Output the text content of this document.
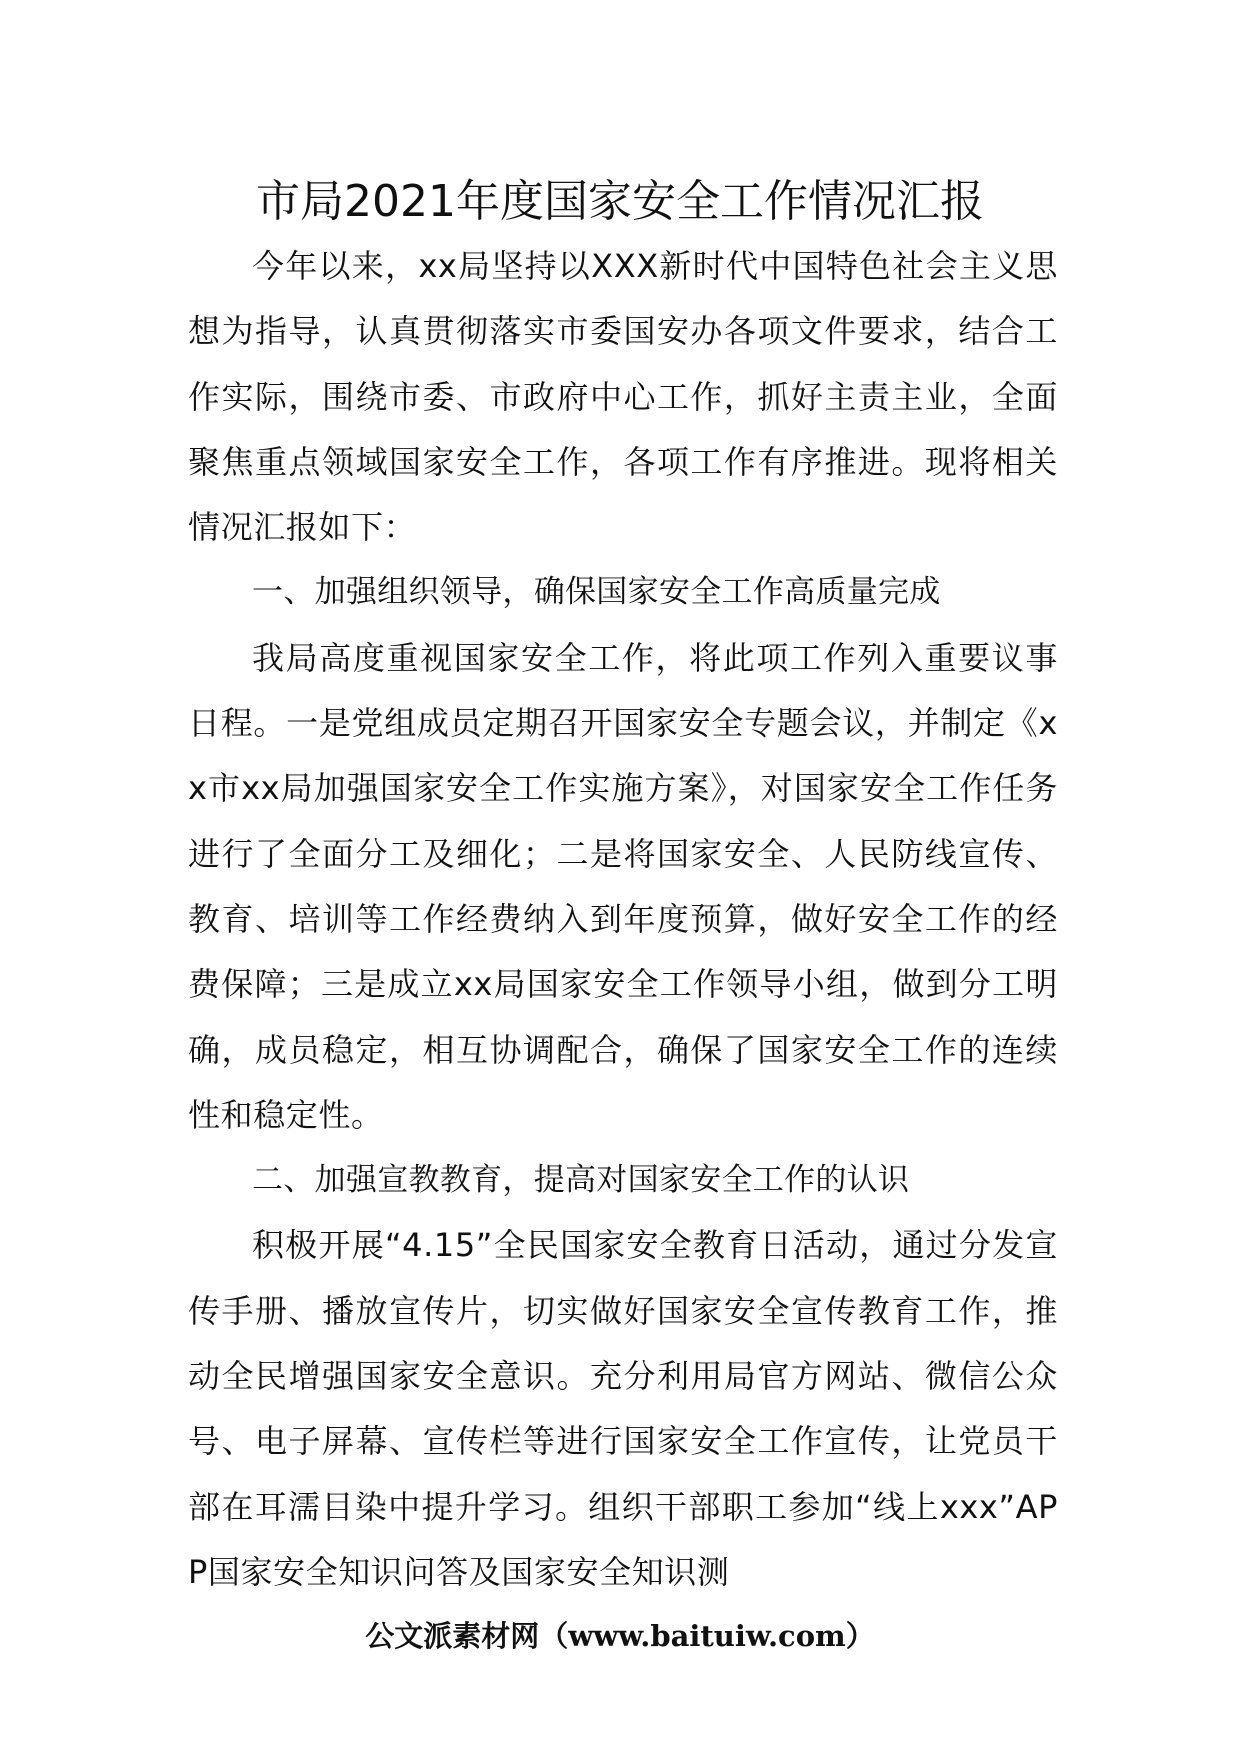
市局2021年度国家安全工作情况汇报

今年以来，xx局坚持以XXX新时代中国特色社会主义思想为指导，认真贯彻落实市委国安办各项文件要求，结合工作实际，围绕市委、市政府中心工作，抓好主责主业，全面聚焦重点领域国家安全工作，各项工作有序推进。现将相关情况汇报如下：

一、加强组织领导，确保国家安全工作高质量完成

我局高度重视国家安全工作，将此项工作列入重要议事日程。一是党组成员定期召开国家安全专题会议，并制定《xx市xx局加强国家安全工作实施方案》，对国家安全工作任务进行了全面分工及细化；二是将国家安全、人民防线宣传、教育、培训等工作经费纳入到年度预算，做好安全工作的经费保障；三是成立xx局国家安全工作领导小组，做到分工明确，成员稳定，相互协调配合，确保了国家安全工作的连续性和稳定性。

二、加强宣教教育，提高对国家安全工作的认识

积极开展“4.15”全民国家安全教育日活动，通过分发宣传手册、播放宣传片，切实做好国家安全宣传教育工作，推动全民增强国家安全意识。充分利用局官方网站、微信公众号、电子屏幕、宣传栏等进行国家安全工作宣传，让党员干部在耳濡目染中提升学习。组织干部职工参加“线上xxx”APP国家安全知识问答及国家安全知识测

公文派素材网（www.baituiw.com）
